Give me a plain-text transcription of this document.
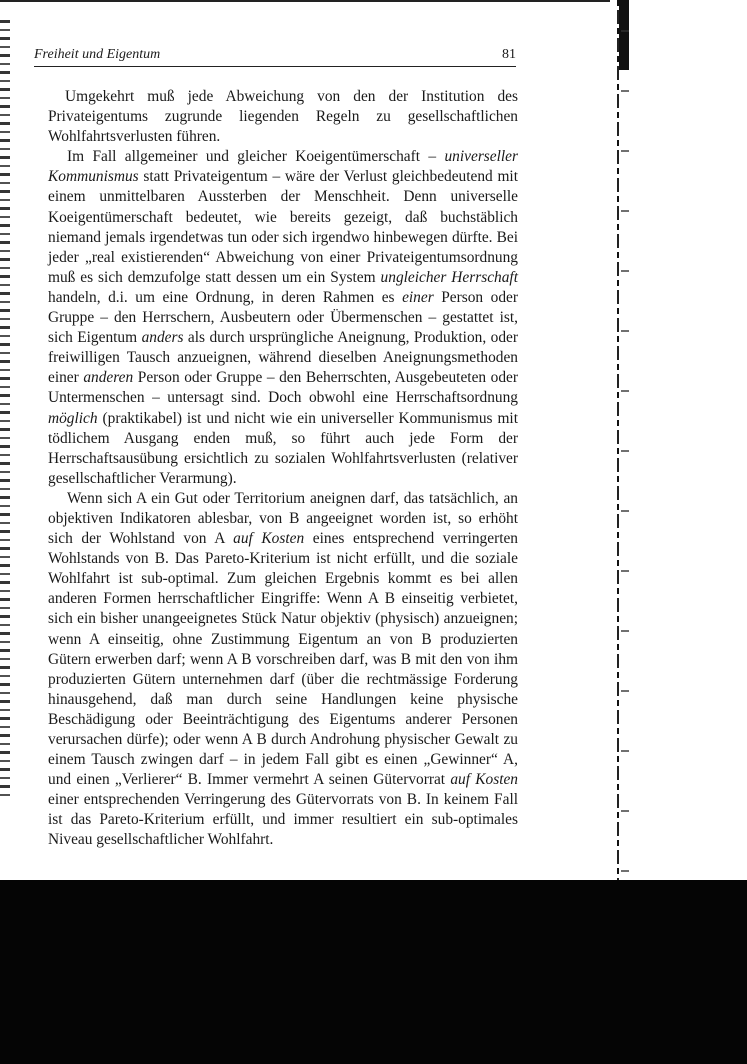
Freiheit und Eigentum	81

Umgekehrt muß jede Abweichung von den der Institution des Privateigentums zugrunde liegenden Regeln zu gesellschaftlichen Wohlfahrtsverlusten führen.

Im Fall allgemeiner und gleicher Koeigentümerschaft – universeller Kommunismus statt Privateigentum – wäre der Verlust gleichbedeutend mit einem unmittelbaren Aussterben der Menschheit. Denn universelle Koeigentümerschaft bedeutet, wie bereits gezeigt, daß buchstäblich niemand jemals irgendetwas tun oder sich irgendwo hinbewegen dürfte. Bei jeder „real existierenden“ Abweichung von einer Privateigentumsordnung muß es sich demzufolge statt dessen um ein System ungleicher Herrschaft handeln, d.i. um eine Ordnung, in deren Rahmen es einer Person oder Gruppe – den Herrschern, Ausbeutern oder Übermenschen – gestattet ist, sich Eigentum anders als durch ursprüngliche Aneignung, Produktion, oder freiwilligen Tausch anzueignen, während dieselben Aneignungsmethoden einer anderen Person oder Gruppe – den Beherrschten, Ausgebeuteten oder Untermenschen – untersagt sind. Doch obwohl eine Herrschaftsordnung möglich (praktikabel) ist und nicht wie ein universeller Kommunismus mit tödlichem Ausgang enden muß, so führt auch jede Form der Herrschaftsausübung ersichtlich zu sozialen Wohlfahrtsverlusten (relativer gesellschaftlicher Verarmung).

Wenn sich A ein Gut oder Territorium aneignen darf, das tatsächlich, an objektiven Indikatoren ablesbar, von B angeeignet worden ist, so erhöht sich der Wohlstand von A auf Kosten eines entsprechend verringerten Wohlstands von B. Das Pareto-Kriterium ist nicht erfüllt, und die soziale Wohlfahrt ist sub-optimal. Zum gleichen Ergebnis kommt es bei allen anderen Formen herrschaftlicher Eingriffe: Wenn A B einseitig verbietet, sich ein bisher unangeeignetes Stück Natur objektiv (physisch) anzueignen; wenn A einseitig, ohne Zustimmung Eigentum an von B produzierten Gütern erwerben darf; wenn A B vorschreiben darf, was B mit den von ihm produzierten Gütern unternehmen darf (über die rechtmässige Forderung hinausgehend, daß man durch seine Handlungen keine physische Beschädigung oder Beeinträchtigung des Eigentums anderer Personen verursachen dürfe); oder wenn A B durch Androhung physischer Gewalt zu einem Tausch zwingen darf – in jedem Fall gibt es einen „Gewinner“ A, und einen „Verlierer“ B. Immer vermehrt A seinen Gütervorrat auf Kosten einer entsprechenden Verringerung des Gütervorrats von B. In keinem Fall ist das Pareto-Kriterium erfüllt, und immer resultiert ein sub-optimales Niveau gesellschaftlicher Wohlfahrt.
